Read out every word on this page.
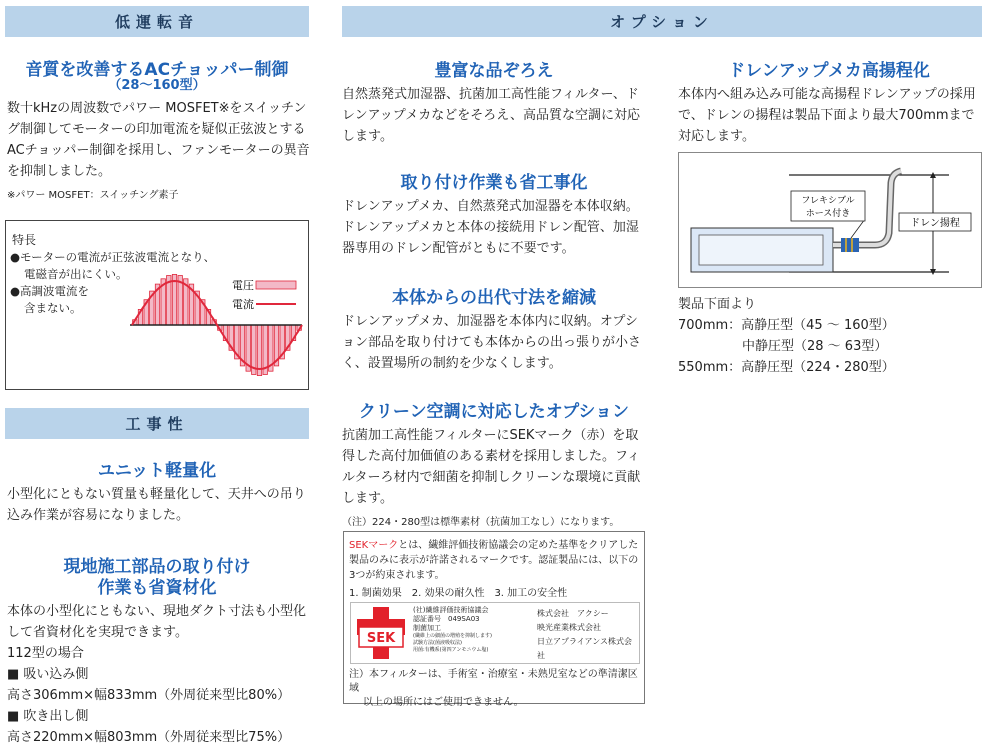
低運転音
音質を改善するACチョッパー制御
（28～160型）
数十kHzの周波数でパワー MOSFET※をスイッチング制御してモーターの印加電流を疑似正弦波とするACチョッパー制御を採用し、ファンモーターの異音を抑制しました。
※パワー MOSFET：スイッチング素子
特長
●モーターの電流が正弦波電流となり、
電磁音が出にくい。
●高調波電流を
含まない。
電圧
電流
工事性
ユニット軽量化
小型化にともない質量も軽量化して、天井への吊り込み作業が容易になりました。
現地施工部品の取り付け
作業も省資材化
本体の小型化にともない、現地ダクト寸法も小型化して省資材化を実現できます。
112型の場合
■ 吸い込み側
高さ306mm×幅833mm（外周従来型比80%）
■ 吹き出し側
高さ220mm×幅803mm（外周従来型比75%）
オプション
豊富な品ぞろえ
自然蒸発式加湿器、抗菌加工高性能フィルター、ドレンアップメカなどをそろえ、高品質な空調に対応します。
取り付け作業も省工事化
ドレンアップメカ、自然蒸発式加湿器を本体収納。ドレンアップメカと本体の接続用ドレン配管、加湿器専用のドレン配管がともに不要です。
本体からの出代寸法を縮減
ドレンアップメカ、加湿器を本体内に収納。オプション部品を取り付けても本体からの出っ張りが小さく、設置場所の制約を少なくします。
クリーン空調に対応したオプション
抗菌加工高性能フィルターにSEKマーク（赤）を取得した高付加価値のある素材を採用しました。フィルターろ材内で細菌を抑制しクリーンな環境に貢献します。
（注）224・280型は標準素材（抗菌加工なし）になります。
SEKマークとは、繊維評価技術協議会の定めた基準をクリアした
製品のみに表示が許諾されるマークです。認証製品には、以下の
3つが約束されます。
1. 制菌効果　2. 効果の耐久性　3. 加工の安全性
SEK
(社)繊維評価技術協議会
認証番号　049SA03
制菌加工
(繊維上の細菌の増殖を抑制します)
試験方法(菌液吸収法)
用菌:有機系(第四アンモニウム塩)
株式会社　アクシー
映光産業株式会社
日立アプライアンス株式会社
注）本フィルターは、手術室・治療室・未熟児室などの準清潔区域
以上の場所にはご使用できません。
ドレンアップメカ高揚程化
本体内へ組み込み可能な高揚程ドレンアップの採用で、ドレンの揚程は製品下面より最大700mmまで対応します。
フレキシブル
ホース付き
ドレン揚程
製品下面より
700mm：高静圧型（45 ～ 160型）
中静圧型（28 ～ 63型）
550mm：高静圧型（224・280型）
